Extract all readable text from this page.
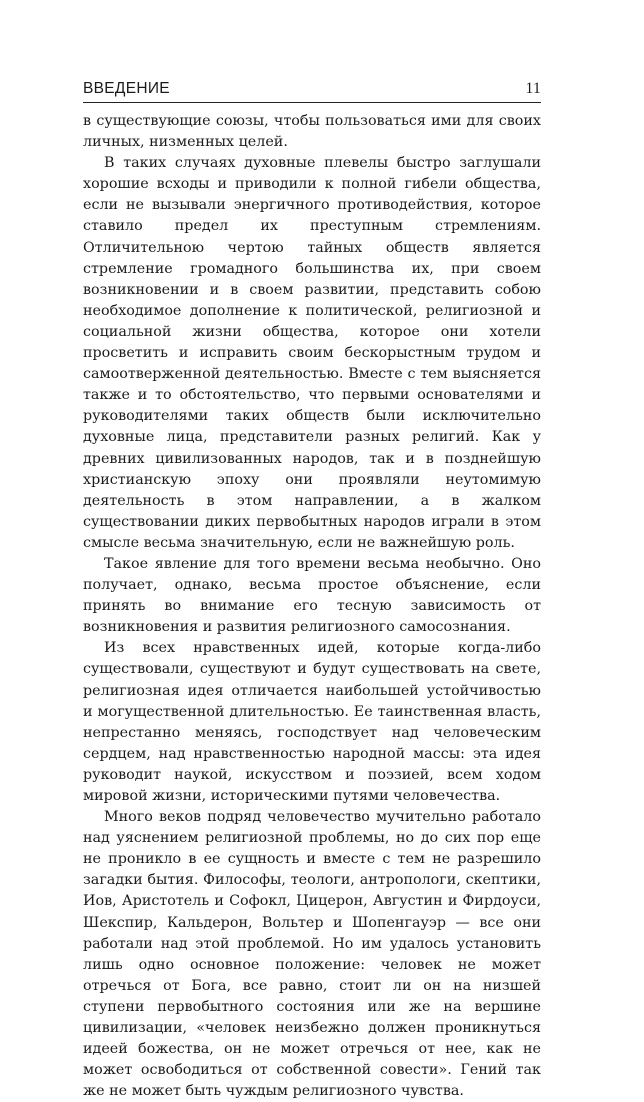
ВВЕДЕНИЕ	11

в существующие союзы, чтобы пользоваться ими для своих личных, низменных целей.

В таких случаях духовные плевелы быстро заглушали хорошие всходы и приводили к полной гибели общества, если не вызывали энергичного противодействия, которое ставило предел их преступным стремлениям. Отличительною чертою тайных обществ является стремление громадного большинства их, при своем возникновении и в своем развитии, представить собою необходимое дополнение к политической, религиозной и социальной жизни общества, которое они хотели просветить и исправить своим бескорыстным трудом и самоотверженной деятельностью. Вместе с тем выясняется также и то обстоятельство, что первыми основателями и руководителями таких обществ были исключительно духовные лица, представители разных религий. Как у древних цивилизованных народов, так и в позднейшую христианскую эпоху они проявляли неутомимую деятельность в этом направлении, а в жалком существовании диких первобытных народов играли в этом смысле весьма значительную, если не важнейшую роль.

Такое явление для того времени весьма необычно. Оно получает, однако, весьма простое объяснение, если принять во внимание его тесную зависимость от возникновения и развития религиозного самосознания.

Из всех нравственных идей, которые когда-либо существовали, существуют и будут существовать на свете, религиозная идея отличается наибольшей устойчивостью и могущественной длительностью. Ее таинственная власть, непрестанно меняясь, господствует над человеческим сердцем, над нравственностью народной массы: эта идея руководит наукой, искусством и поэзией, всем ходом мировой жизни, историческими путями человечества.

Много веков подряд человечество мучительно работало над уяснением религиозной проблемы, но до сих пор еще не проникло в ее сущность и вместе с тем не разрешило загадки бытия. Философы, теологи, антропологи, скептики, Иов, Аристотель и Софокл, Цицерон, Августин и Фирдоуси, Шекспир, Кальдерон, Вольтер и Шопенгауэр — все они работали над этой проблемой. Но им удалось установить лишь одно основное положение: человек не может отречься от Бога, все равно, стоит ли он на низшей ступени первобытного состояния или же на вершине цивилизации, «человек неизбежно должен проникнуться идеей божества, он не может отречься от нее, как не может освободиться от собственной совести». Гений так же не может быть чуждым религиозного чувства.
